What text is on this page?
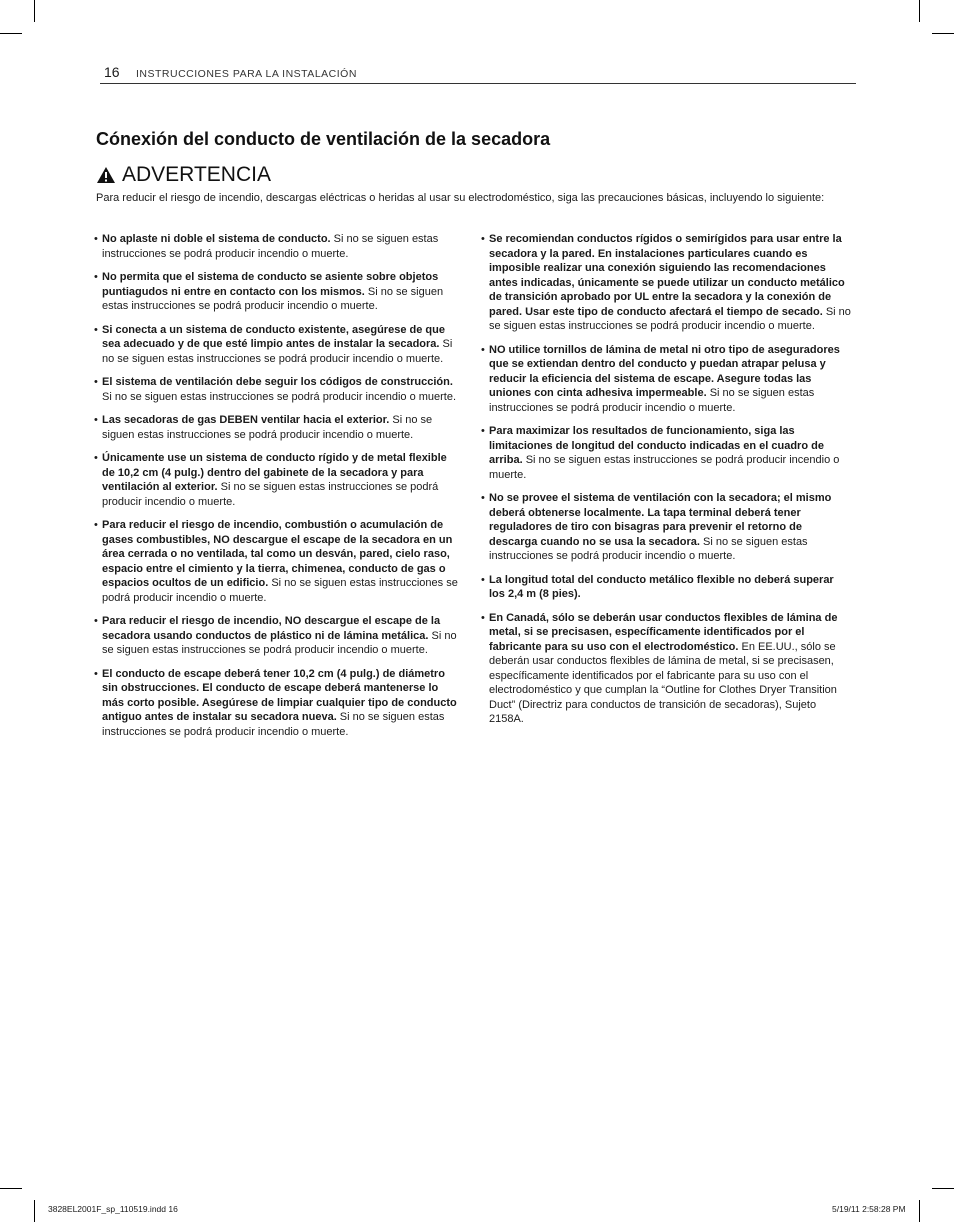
16 INSTRUCCIONES PARA LA INSTALACIÓN
Cónexión del conducto de ventilación de la secadora
ADVERTENCIA
Para reducir el riesgo de incendio, descargas eléctricas o heridas al usar su electrodoméstico, siga las precauciones básicas, incluyendo lo siguiente:
• No aplaste ni doble el sistema de conducto. Si no se siguen estas instrucciones se podrá producir incendio o muerte.
• No permita que el sistema de conducto se asiente sobre objetos puntiagudos ni entre en contacto con los mismos. Si no se siguen estas instrucciones se podrá producir incendio o muerte.
• Si conecta a un sistema de conducto existente, asegúrese de que sea adecuado y de que esté limpio antes de instalar la secadora. Si no se siguen estas instrucciones se podrá producir incendio o muerte.
• El sistema de ventilación debe seguir los códigos de construcción. Si no se siguen estas instrucciones se podrá producir incendio o muerte.
• Las secadoras de gas DEBEN ventilar hacia el exterior. Si no se siguen estas instrucciones se podrá producir incendio o muerte.
• Únicamente use un sistema de conducto rígido y de metal flexible de 10,2 cm (4 pulg.) dentro del gabinete de la secadora y para ventilación al exterior. Si no se siguen estas instrucciones se podrá producir incendio o muerte.
• Para reducir el riesgo de incendio, combustión o acumulación de gases combustibles, NO descargue el escape de la secadora en un área cerrada o no ventilada, tal como un desván, pared, cielo raso, espacio entre el cimiento y la tierra, chimenea, conducto de gas o espacios ocultos de un edificio. Si no se siguen estas instrucciones se podrá producir incendio o muerte.
• Para reducir el riesgo de incendio, NO descargue el escape de la secadora usando conductos de plástico ni de lámina metálica. Si no se siguen estas instrucciones se podrá producir incendio o muerte.
• El conducto de escape deberá tener 10,2 cm (4 pulg.) de diámetro sin obstrucciones. El conducto de escape deberá mantenerse lo más corto posible. Asegúrese de limpiar cualquier tipo de conducto antiguo antes de instalar su secadora nueva. Si no se siguen estas instrucciones se podrá producir incendio o muerte.
• Se recomiendan conductos rígidos o semirígidos para usar entre la secadora y la pared. En instalaciones particulares cuando es imposible realizar una conexión siguiendo las recomendaciones antes indicadas, únicamente se puede utilizar un conducto metálico de transición aprobado por UL entre la secadora y la conexión de pared. Usar este tipo de conducto afectará el tiempo de secado. Si no se siguen estas instrucciones se podrá producir incendio o muerte.
• NO utilice tornillos de lámina de metal ni otro tipo de aseguradores que se extiendan dentro del conducto y puedan atrapar pelusa y reducir la eficiencia del sistema de escape. Asegure todas las uniones con cinta adhesiva impermeable. Si no se siguen estas instrucciones se podrá producir incendio o muerte.
• Para maximizar los resultados de funcionamiento, siga las limitaciones de longitud del conducto indicadas en el cuadro de arriba. Si no se siguen estas instrucciones se podrá producir incendio o muerte.
• No se provee el sistema de ventilación con la secadora; el mismo deberá obtenerse localmente. La tapa terminal deberá tener reguladores de tiro con bisagras para prevenir el retorno de descarga cuando no se usa la secadora. Si no se siguen estas instrucciones se podrá producir incendio o muerte.
• La longitud total del conducto metálico flexible no deberá superar los 2,4 m (8 pies).
• En Canadá, sólo se deberán usar conductos flexibles de lámina de metal, si se precisasen, específicamente identificados por el fabricante para su uso con el electrodoméstico. En EE.UU., sólo se deberán usar conductos flexibles de lámina de metal, si se precisasen, específicamente identificados por el fabricante para su uso con el electrodoméstico y que cumplan la “Outline for Clothes Dryer Transition Duct” (Directriz para conductos de transición de secadoras), Sujeto 2158A.
3828EL2001F_sp_110519.indd 16	5/19/11 2:58:28 PM
